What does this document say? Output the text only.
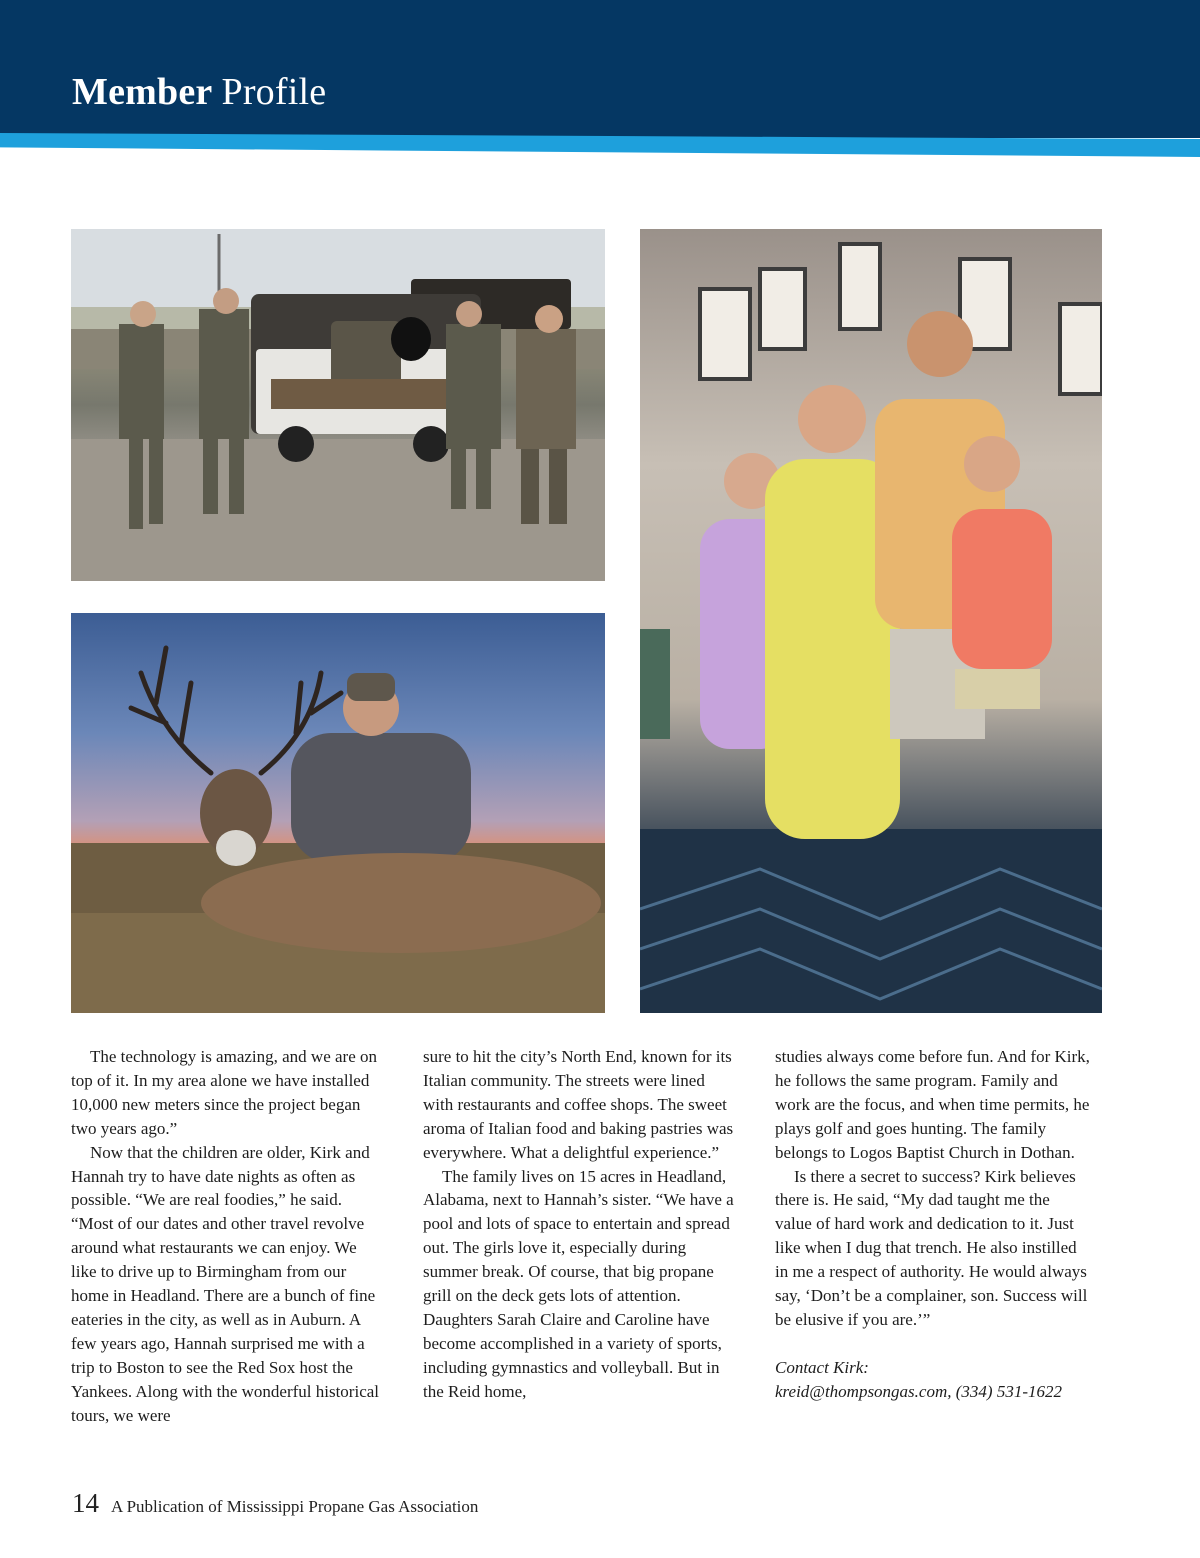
Member Profile

The technology is amazing, and we are on top of it. In my area alone we have installed 10,000 new meters since the project began two years ago.”

Now that the children are older, Kirk and Hannah try to have date nights as often as possible. “We are real foodies,” he said. “Most of our dates and other travel revolve around what restaurants we can enjoy. We like to drive up to Birmingham from our home in Headland. There are a bunch of fine eateries in the city, as well as in Auburn. A few years ago, Hannah surprised me with a trip to Boston to see the Red Sox host the Yankees. Along with the wonderful historical tours, we were

sure to hit the city’s North End, known for its Italian community. The streets were lined with restaurants and coffee shops. The sweet aroma of Italian food and baking pastries was everywhere. What a delightful experience.”

The family lives on 15 acres in Headland, Alabama, next to Hannah’s sister. “We have a pool and lots of space to entertain and spread out. The girls love it, especially during summer break. Of course, that big propane grill on the deck gets lots of attention. Daughters Sarah Claire and Caroline have become accomplished in a variety of sports, including gymnastics and volleyball. But in the Reid home,

studies always come before fun. And for Kirk, he follows the same program. Family and work are the focus, and when time permits, he plays golf and goes hunting. The family belongs to Logos Baptist Church in Dothan.

Is there a secret to success? Kirk believes there is. He said, “My dad taught me the value of hard work and dedication to it. Just like when I dug that trench. He also instilled in me a respect of authority. He would always say, ‘Don’t be a complainer, son. Success will be elusive if you are.’”

Contact Kirk:

kreid@thompsongas.com, (334) 531-1622

14 A Publication of Mississippi Propane Gas Association
